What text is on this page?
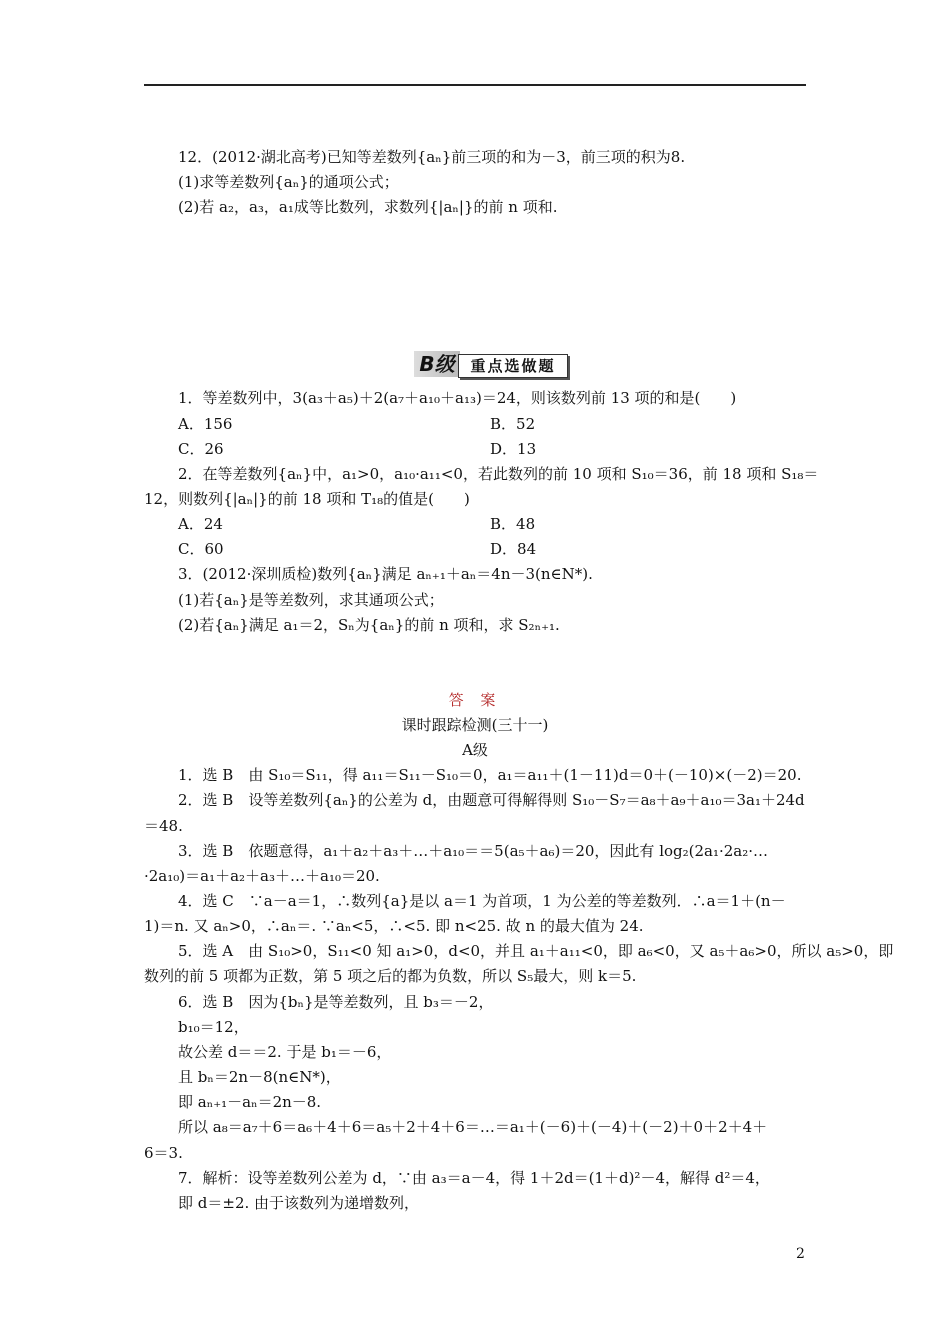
12．(2012·湖北高考)已知等差数列{aₙ}前三项的和为－3，前三项的积为8.
(1)求等差数列{aₙ}的通项公式；
(2)若 a₂，a₃，a₁成等比数列，求数列{|aₙ|}的前 n 项和.
B级	重点选做题
1．等差数列中，3(a₃＋a₅)＋2(a₇＋a₁₀＋a₁₃)＝24，则该数列前 13 项的和是(　　)
A．156	B．52
C．26	D．13
2．在等差数列{aₙ}中，a₁>0，a₁₀·a₁₁<0，若此数列的前 10 项和 S₁₀＝36，前 18 项和 S₁₈＝
12，则数列{|aₙ|}的前 18 项和 T₁₈的值是(　　)
A．24	B．48
C．60	D．84
3．(2012·深圳质检)数列{aₙ}满足 aₙ₊₁＋aₙ＝4n－3(n∈N*).
(1)若{aₙ}是等差数列，求其通项公式；
(2)若{aₙ}满足 a₁＝2，Sₙ为{aₙ}的前 n 项和，求 S₂ₙ₊₁.
答 案
课时跟踪检测(三十一)
A级
1．选 B　由 S₁₀＝S₁₁，得 a₁₁＝S₁₁－S₁₀＝0，a₁＝a₁₁＋(1－11)d＝0＋(－10)×(－2)＝20.
2．选 B　设等差数列{aₙ}的公差为 d，由题意可得解得则 S₁₀－S₇＝a₈＋a₉＋a₁₀＝3a₁＋24d
＝48.
3．选 B　依题意得，a₁＋a₂＋a₃＋…＋a₁₀＝＝5(a₅＋a₆)＝20，因此有 log₂(2a₁·2a₂·…
·2a₁₀)＝a₁＋a₂＋a₃＋…＋a₁₀＝20.
4．选 C　∵a－a＝1，∴数列{a}是以 a＝1 为首项，1 为公差的等差数列．∴a＝1＋(n－
1)＝n. 又 aₙ>0，∴aₙ＝. ∵aₙ<5，∴<5. 即 n<25. 故 n 的最大值为 24.
5．选 A　由 S₁₀>0，S₁₁<0 知 a₁>0，d<0，并且 a₁＋a₁₁<0，即 a₆<0，又 a₅＋a₆>0，所以 a₅>0，即
数列的前 5 项都为正数，第 5 项之后的都为负数，所以 S₅最大，则 k＝5.
6．选 B　因为{bₙ}是等差数列，且 b₃＝－2，
b₁₀＝12，
故公差 d＝＝2. 于是 b₁＝－6，
且 bₙ＝2n－8(n∈N*)，
即 aₙ₊₁－aₙ＝2n－8.
所以 a₈＝a₇＋6＝a₆＋4＋6＝a₅＋2＋4＋6＝…＝a₁＋(－6)＋(－4)＋(－2)＋0＋2＋4＋
6＝3.
7．解析：设等差数列公差为 d，∵由 a₃＝a－4，得 1＋2d＝(1＋d)²－4，解得 d²＝4，
即 d＝±2. 由于该数列为递增数列，
2
